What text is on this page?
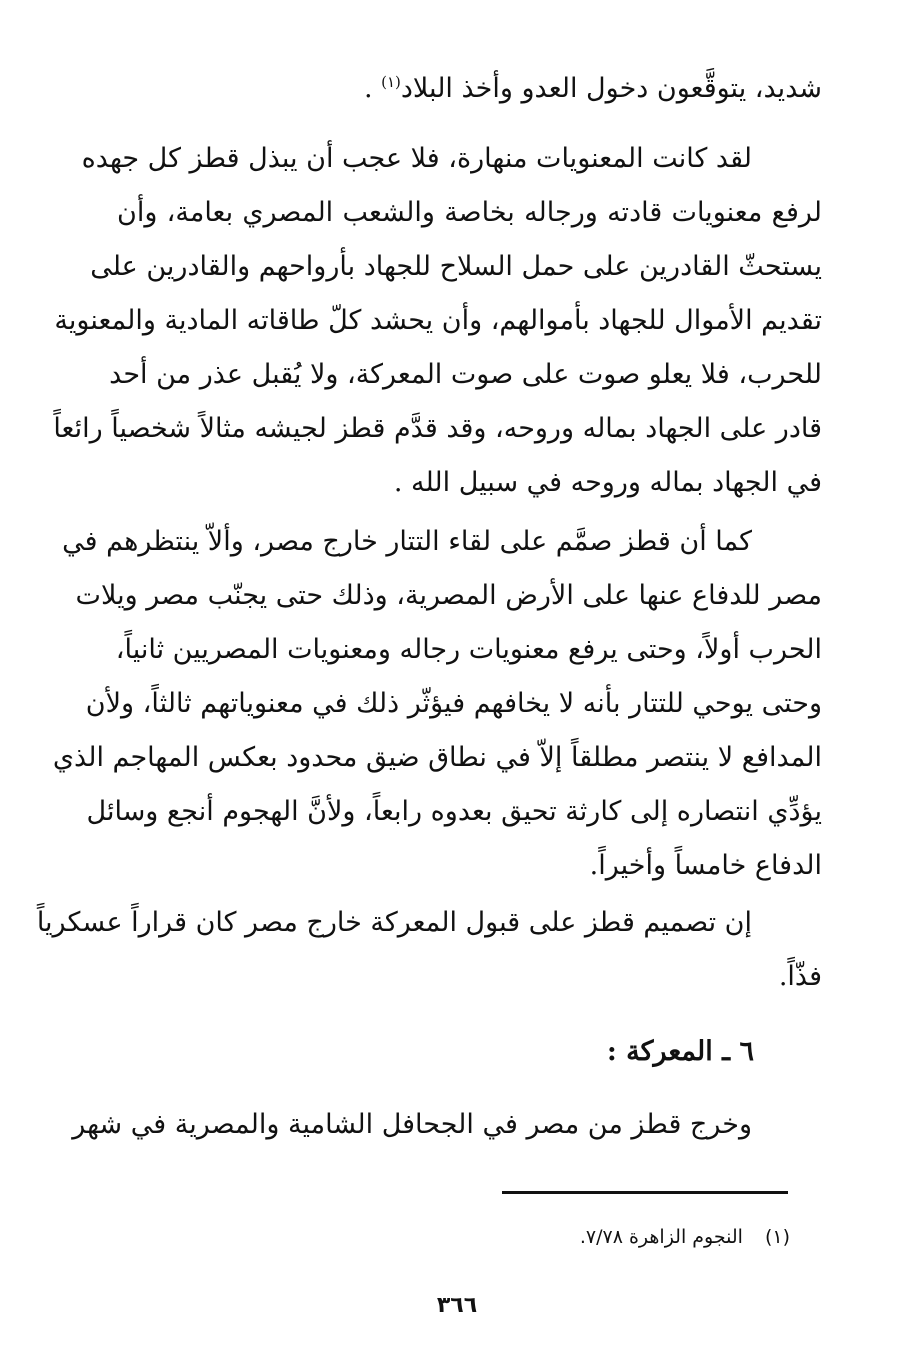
شديد، يتوقَّعون دخول العدو وأخذ البلاد$^{(١)}$ .
لقد كانت المعنويات منهارة، فلا عجب أن يبذل قطز كل جهده
لرفع معنويات قادته ورجاله بخاصة والشعب المصري بعامة، وأن
يستحثّ القادرين على حمل السلاح للجهاد بأرواحهم والقادرين على
تقديم الأموال للجهاد بأموالهم، وأن يحشد كلّ طاقاته المادية والمعنوية
للحرب، فلا يعلو صوت على صوت المعركة، ولا يُقبل عذر من أحد
قادر على الجهاد بماله وروحه، وقد قدَّم قطز لجيشه مثالاً شخصياً رائعاً
في الجهاد بماله وروحه في سبيل الله .
كما أن قطز صمَّم على لقاء التتار خارج مصر، وألاّ ينتظرهم في
مصر للدفاع عنها على الأرض المصرية، وذلك حتى يجنّب مصر ويلات
الحرب أولاً، وحتى يرفع معنويات رجاله ومعنويات المصريين ثانياً،
وحتى يوحي للتتار بأنه لا يخافهم فيؤثّر ذلك في معنوياتهم ثالثاً، ولأن
المدافع لا ينتصر مطلقاً إلاّ في نطاق ضيق محدود بعكس المهاجم الذي
يؤدِّي انتصاره إلى كارثة تحيق بعدوه رابعاً، ولأنَّ الهجوم أنجع وسائل
الدفاع خامساً وأخيراً.
إن تصميم قطز على قبول المعركة خارج مصر كان قراراً عسكرياً
فذّاً.
٦ ـ المعركة :
وخرج قطز من مصر في الجحافل الشامية والمصرية في شهر
(١)النجوم الزاهرة ٧/٧٨.
٣٦٦
